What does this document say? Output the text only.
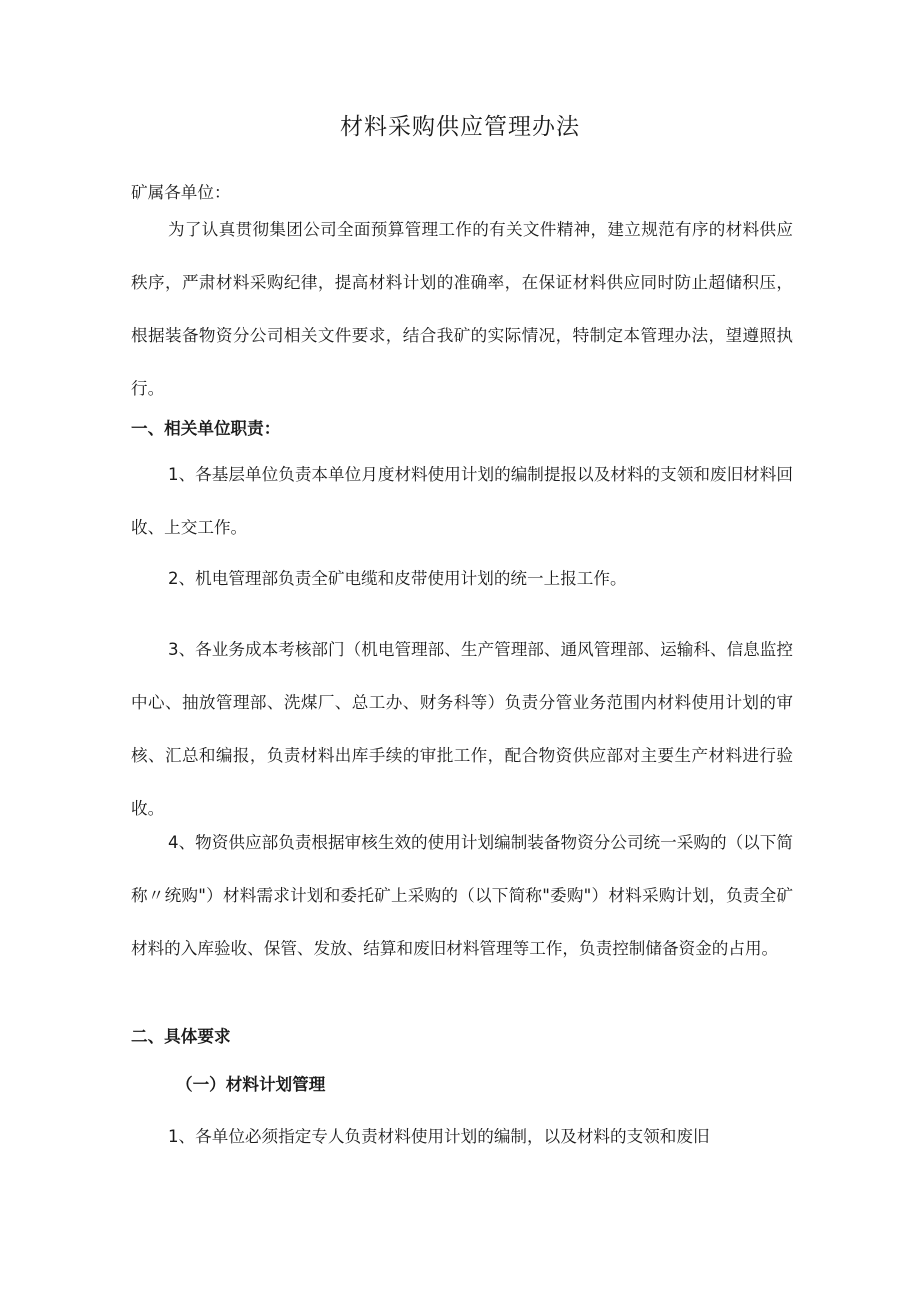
材料采购供应管理办法

矿属各单位：

为了认真贯彻集团公司全面预算管理工作的有关文件精神，建立规范有序的材料供应秩序，严肃材料采购纪律，提高材料计划的准确率，在保证材料供应同时防止超储积压，根据装备物资分公司相关文件要求，结合我矿的实际情况，特制定本管理办法，望遵照执行。

一、相关单位职责：

1、各基层单位负责本单位月度材料使用计划的编制提报以及材料的支领和废旧材料回收、上交工作。

2、机电管理部负责全矿电缆和皮带使用计划的统一上报工作。

3、各业务成本考核部门（机电管理部、生产管理部、通风管理部、运输科、信息监控中心、抽放管理部、洗煤厂、总工办、财务科等）负责分管业务范围内材料使用计划的审核、汇总和编报，负责材料出库手续的审批工作，配合物资供应部对主要生产材料进行验收。

4、物资供应部负责根据审核生效的使用计划编制装备物资分公司统一采购的（以下简称〃统购"）材料需求计划和委托矿上采购的（以下简称"委购"）材料采购计划，负责全矿材料的入库验收、保管、发放、结算和废旧材料管理等工作，负责控制储备资金的占用。

二、具体要求

（一）材料计划管理

1、各单位必须指定专人负责材料使用计划的编制，以及材料的支领和废旧
